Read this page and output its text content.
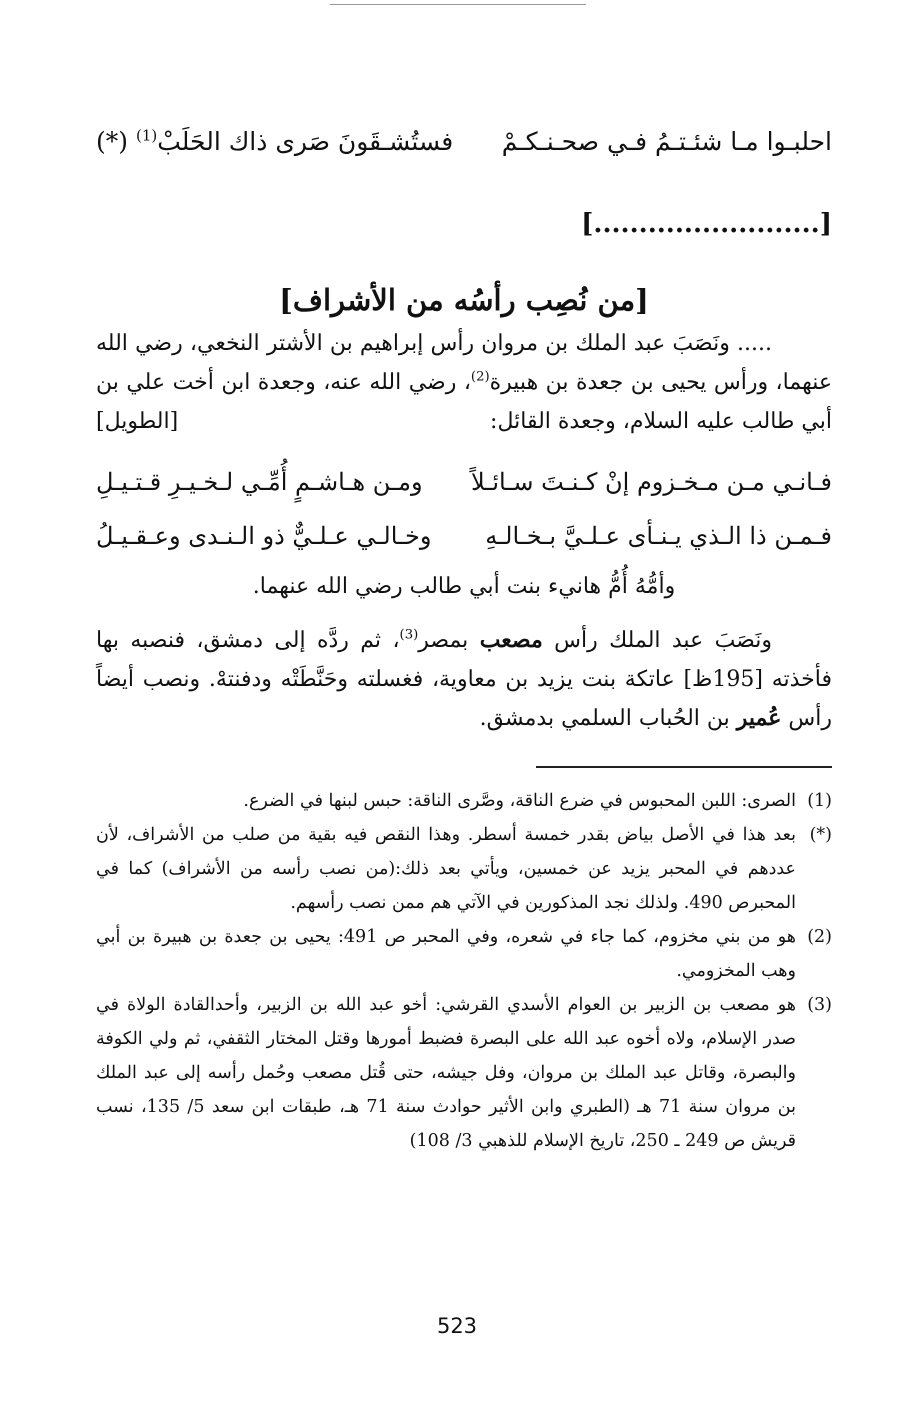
احلبـوا مـا شئـتـمُ فـي صحـنـكـمْ
فستُشـقَونَ صَرى ذاك الحَلَبْ$^{(1)}$ (*)
[.........................]
[من نُصِب رأسُه من الأشراف]

..... ونَصَبَ عبد الملك بن مروان رأس إبراهيم بن الأشتر النخعي، رضي الله عنهما، ورأس يحيى بن جعدة بن هبيرة$^{(2)}$، رضي الله عنه، وجعدة ابن أخت علي بن أبي طالب عليه السلام، وجعدة القائل:
[الطويل]

فـانـي مـن مـخـزوم إنْ كـنـتَ سـائـلاً
ومـن هـاشـمٍ أُمِّـي لـخـيـرِ قـتـيـلِ
فـمـن ذا الـذي يـنـأى عـلـيَّ بـخـالـهِ
وخـالـي عـلـيٌّ ذو الـنـدى وعـقـيـلُ
وأمُّهُ أُمُّ هانيء بنت أبي طالب رضي الله عنهما.

ونَصَبَ عبد الملك رأس مصعب بمصر$^{(3)}$، ثم ردَّه إلى دمشق، فنصبه بها فأخذته [195ظ] عاتكة بنت يزيد بن معاوية، فغسلته وحَنَّطَتْه ودفنتهْ. ونصب أيضاً رأس عُمير بن الحُباب السلمي بدمشق.

(1)
الصرى: اللبن المحبوس في ضرع الناقة، وصَّرى الناقة: حبس لبنها في الضرع.
(*)
بعد هذا في الأصل بياض بقدر خمسة أسطر. وهذا النقص فيه بقية من صلب من الأشراف، لأن عددهم في المحبر يزيد عن خمسين، ويأتي بعد ذلك:(من نصب رأسه من الأشراف) كما في المحبرص 490. ولذلك نجد المذكورين في الآتي هم ممن نصب رأسهم.
(2)
هو من بني مخزوم، كما جاء في شعره، وفي المحبر ص 491: يحيى بن جعدة بن هبيرة بن أبي وهب المخزومي.
(3)
هو مصعب بن الزبير بن العوام الأسدي القرشي: أخو عبد الله بن الزبير، وأحدالقادة الولاة في صدر الإسلام، ولاه أخوه عبد الله على البصرة فضبط أمورها وقتل المختار الثقفي، ثم ولي الكوفة والبصرة، وقاتل عبد الملك بن مروان، وفل جيشه، حتى قُتل مصعب وحُمل رأسه إلى عبد الملك بن مروان سنة 71 هـ (الطبري وابن الأثير حوادث سنة 71 هـ، طبقات ابن سعد 5/ 135، نسب قريش ص 249 ـ 250، تاريخ الإسلام للذهبي 3/ 108)
523
